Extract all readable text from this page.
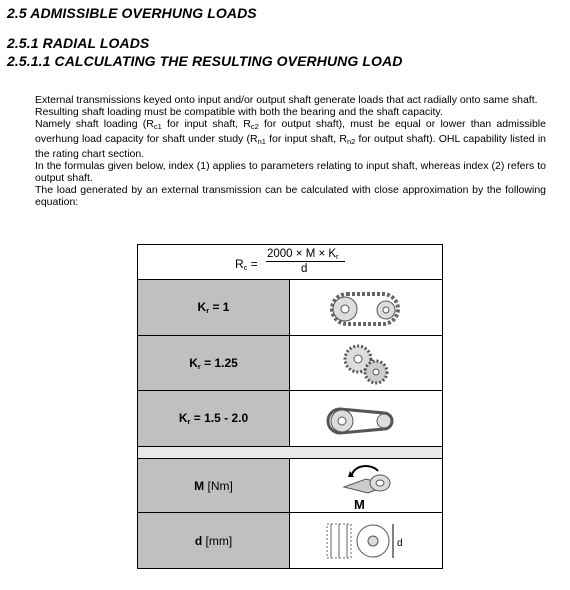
2.5 ADMISSIBLE OVERHUNG LOADS
2.5.1 RADIAL LOADS
2.5.1.1 CALCULATING THE RESULTING OVERHUNG LOAD

External transmissions keyed onto input and/or output shaft generate loads that act radially onto same shaft.

Resulting shaft loading must be compatible with both the bearing and the shaft capacity.

Namely shaft loading ($R_{c1}$ for input shaft, $R_{c2}$ for output shaft), must be equal or lower than admissible overhung load capacity for shaft under study ($R_{n1}$ for input shaft, $R_{n2}$ for output shaft). OHL capability listed in the rating chart section.

In the formulas given below, index (1) applies to parameters relating to input shaft, whereas index (2) refers to output shaft.

The load generated by an external transmission can be calculated with close approximation by the following equation:

$R_c$ =
$2000 \times M \times K_r$
d	

$K_r = 1$	

$K_r = 1.25$	

$K_r = 1.5 - 2.0$	

M [Nm]	M

d [mm]	d
